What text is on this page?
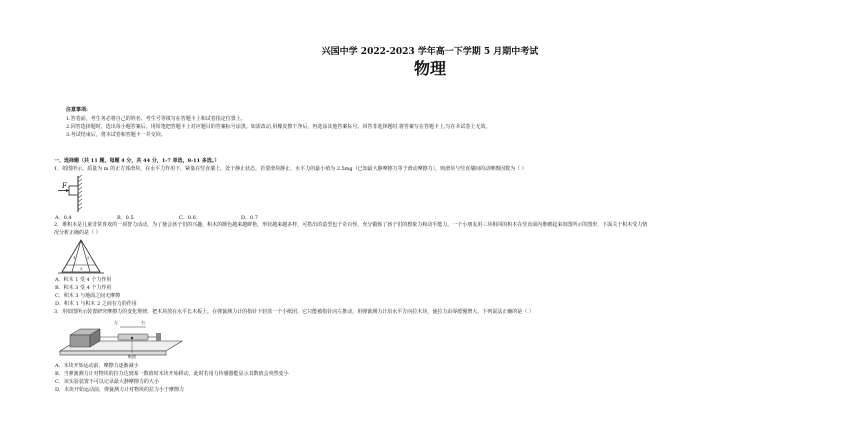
兴国中学 2022-2023 学年高一下学期 5 月期中考试
物理
注意事项:
1.答卷前，考生务必将自己的姓名、考生号等填写在答题卡上和试卷指定位置上。
2.回答选择题时，选出每小题答案后，用铅笔把答题卡上对应题目的答案标号涂黑。如需改动,用橡皮擦干净后，再选涂其他答案标号。回答非选择题时,将答案写在答题卡上,写在本试卷上无效。
3.考试结束后，将本试卷和答题卡一并交回。
一、选择题（共 11 题，每题 4 分，共 44 分，1-7 单选，8-11 多选。）
1．如图所示，质量为 m 的正方体滑块，在水平力作用下，紧靠在竖直墙上，处于静止状态。若要滑块静止，水平力的最小值为 2.5mg（已知最大静摩擦力等于滑动摩擦力），则滑块与竖直墙间的动摩擦因数为（ ）
F
A．0.4	B．0.5	C．0.6	D．0.7
2．堆积木是儿童非常喜欢的一项智力活动，为了使会孩子们的兴趣，积木的颜色越来越鲜艳，形状越来越多样，可搭出的造型也千奇百怪，充分锻炼了孩子们的想象力和动手能力。一个小朋友用三块相同的积木在竖直面内堆砌起来如图所示的图形，下面关于积木受力情
况分析正确的是（ ）
1	2
3
A．积木 1 受 4 个力作用
B．积木 3 受 4 个力作用
C．积木 3 与地面之间无摩擦
D．积木 1 与积木 2 之间有力的作用
3．用如图所示装置研究摩擦力的变化规律，把木块放在水平长木板上，在弹簧测力计的指针下轻放一个小纸团，它只能被指针向左推动。用弹簧测力计沿水平方向拉木块，使拉力由零缓慢增大。下列说法正确的是（ ）
左	右
纸团
A．木块开始运动前，摩擦力逐渐减小
B．当弹簧测力计对物块的拉力达到某一数值时木块开始移动，此时若用力传感器能显示其数值会突然变小
C．该实验装置不可以记录最大静摩擦力的大小
D．木块开始运动前，弹簧测力计对物块的拉力小于摩擦力
